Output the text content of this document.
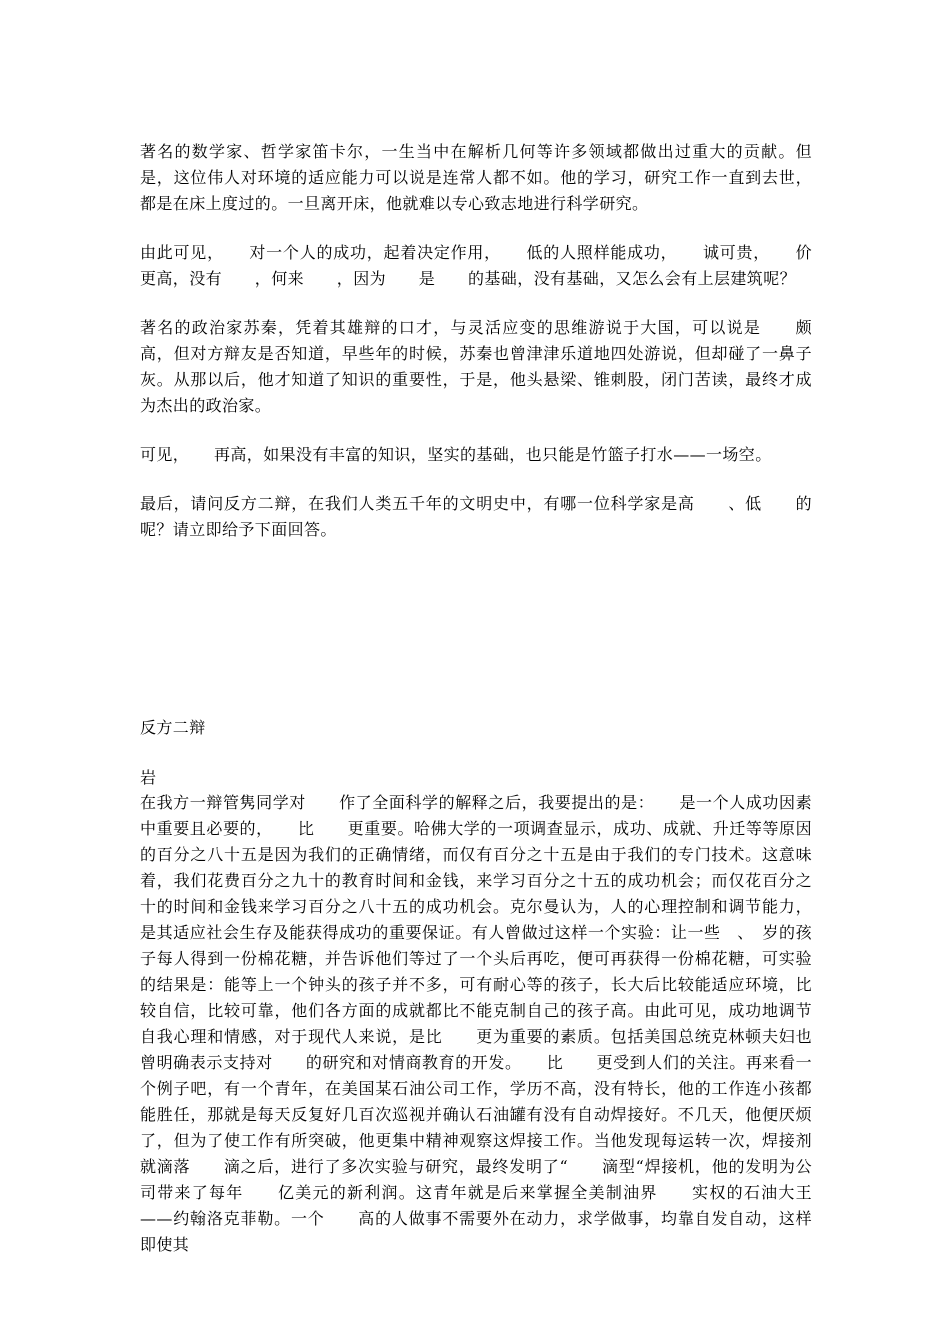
著名的数学家、哲学家笛卡尔，一生当中在解析几何等许多领域都做出过重大的贡献。但是，这位伟人对环境的适应能力可以说是连常人都不如。他的学习，研究工作一直到去世，都是在床上度过的。一旦离开床，他就难以专心致志地进行科学研究。

由此可见，　　对一个人的成功，起着决定作用，　　低的人照样能成功，　　诚可贵，　　价更高，没有　　，何来　　，因为　　是　　的基础，没有基础，又怎么会有上层建筑呢？

著名的政治家苏秦，凭着其雄辩的口才，与灵活应变的思维游说于大国，可以说是　　颇高，但对方辩友是否知道，早些年的时候，苏秦也曾津津乐道地四处游说，但却碰了一鼻子灰。从那以后，他才知道了知识的重要性，于是，他头悬梁、锥刺股，闭门苦读，最终才成为杰出的政治家。

可见，　　再高，如果没有丰富的知识，坚实的基础，也只能是竹篮子打水——一场空。

最后，请问反方二辩，在我们人类五千年的文明史中，有哪一位科学家是高　　、低　　的呢？请立即给予下面回答。

反方二辩

岩

在我方一辩管隽同学对　　作了全面科学的解释之后，我要提出的是：　　是一个人成功因素中重要且必要的，　　比　　更重要。哈佛大学的一项调查显示，成功、成就、升迁等等原因的百分之八十五是因为我们的正确情绪，而仅有百分之十五是由于我们的专门技术。这意味着，我们花费百分之九十的教育时间和金钱，来学习百分之十五的成功机会；而仅花百分之十的时间和金钱来学习百分之八十五的成功机会。克尔曼认为，人的心理控制和调节能力，是其适应社会生存及能获得成功的重要保证。有人曾做过这样一个实验：让一些　、　岁的孩子每人得到一份棉花糖，并告诉他们等过了一个头后再吃，便可再获得一份棉花糖，可实验的结果是：能等上一个钟头的孩子并不多，可有耐心等的孩子，长大后比较能适应环境，比较自信，比较可靠，他们各方面的成就都比不能克制自己的孩子高。由此可见，成功地调节自我心理和情感，对于现代人来说，是比　　更为重要的素质。包括美国总统克林顿夫妇也曾明确表示支持对　　的研究和对情商教育的开发。　　比　　更受到人们的关注。再来看一个例子吧，有一个青年，在美国某石油公司工作，学历不高，没有特长，他的工作连小孩都能胜任，那就是每天反复好几百次巡视并确认石油罐有没有自动焊接好。不几天，他便厌烦了，但为了使工作有所突破，他更集中精神观察这焊接工作。当他发现每运转一次，焊接剂就滴落　　滴之后，进行了多次实验与研究，最终发明了“　　滴型“焊接机，他的发明为公司带来了每年　　亿美元的新利润。这青年就是后来掌握全美制油界　　实权的石油大王——约翰洛克菲勒。一个　　高的人做事不需要外在动力，求学做事，均靠自发自动，这样即使其
